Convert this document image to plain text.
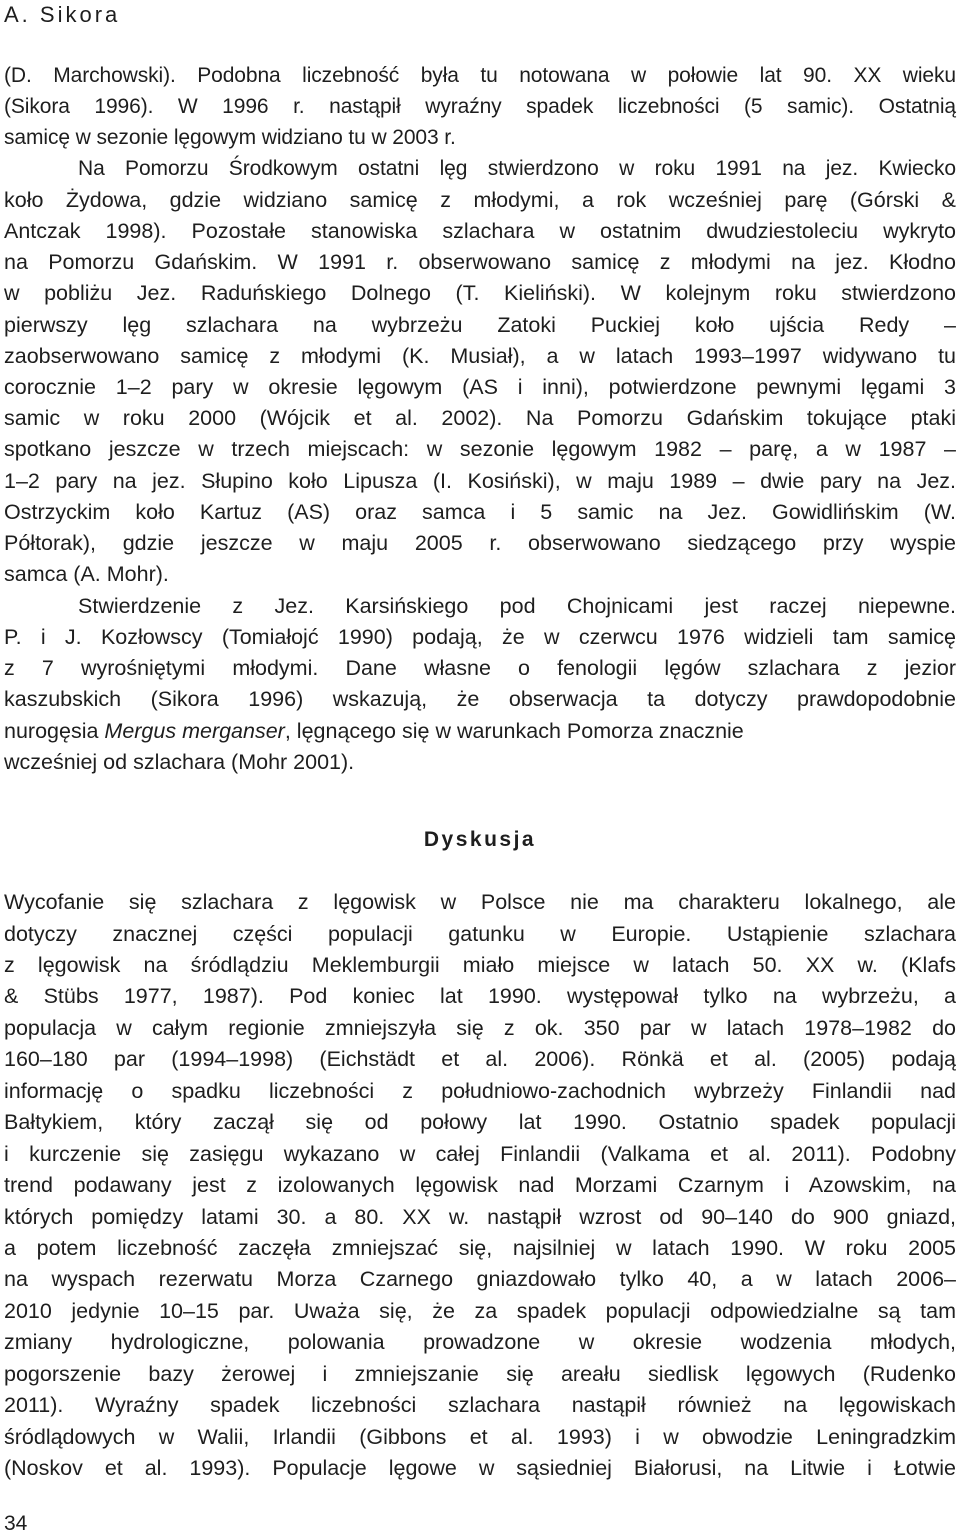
A. Sikora
(D. Marchowski). Podobna liczebność była tu notowana w połowie lat 90. XX wieku
(Sikora 1996). W 1996 r. nastąpił wyraźny spadek liczebności (5 samic). Ostatnią
samicę w sezonie lęgowym widziano tu w 2003 r.
Na Pomorzu Środkowym ostatni lęg stwierdzono w roku 1991 na jez. Kwiecko
koło Żydowa, gdzie widziano samicę z młodymi, a rok wcześniej parę (Górski &
Antczak 1998). Pozostałe stanowiska szlachara w ostatnim dwudziestoleciu wykryto
na Pomorzu Gdańskim. W 1991 r. obserwowano samicę z młodymi na jez. Kłodno
w pobliżu Jez. Raduńskiego Dolnego (T. Kieliński). W kolejnym roku stwierdzono
pierwszy lęg szlachara na wybrzeżu Zatoki Puckiej koło ujścia Redy –
zaobserwowano samicę z młodymi (K. Musiał), a w latach 1993–1997 widywano tu
corocznie 1–2 pary w okresie lęgowym (AS i inni), potwierdzone pewnymi lęgami 3
samic w roku 2000 (Wójcik et al. 2002). Na Pomorzu Gdańskim tokujące ptaki
spotkano jeszcze w trzech miejscach: w sezonie lęgowym 1982 – parę, a w 1987 –
1–2 pary na jez. Słupino koło Lipusza (I. Kosiński), w maju 1989 – dwie pary na Jez.
Ostrzyckim koło Kartuz (AS) oraz samca i 5 samic na Jez. Gowidlińskim (W.
Półtorak), gdzie jeszcze w maju 2005 r. obserwowano siedzącego przy wyspie
samca (A. Mohr).
Stwierdzenie z Jez. Karsińskiego pod Chojnicami jest raczej niepewne.
P. i J. Kozłowscy (Tomiałojć 1990) podają, że w czerwcu 1976 widzieli tam samicę
z 7 wyrośniętymi młodymi. Dane własne o fenologii lęgów szlachara z jezior
kaszubskich (Sikora 1996) wskazują, że obserwacja ta dotyczy prawdopodobnie
nurogęsia Mergus merganser, lęgnącego się w warunkach Pomorza znacznie
wcześniej od szlachara (Mohr 2001).
Dyskusja
Wycofanie się szlachara z lęgowisk w Polsce nie ma charakteru lokalnego, ale
dotyczy znacznej części populacji gatunku w Europie. Ustąpienie szlachara
z lęgowisk na śródlądziu Meklemburgii miało miejsce w latach 50. XX w. (Klafs
& Stübs 1977, 1987). Pod koniec lat 1990. występował tylko na wybrzeżu, a
populacja w całym regionie zmniejszyła się z ok. 350 par w latach 1978–1982 do
160–180 par (1994–1998) (Eichstädt et al. 2006). Rönkä et al. (2005) podają
informację o spadku liczebności z południowo-zachodnich wybrzeży Finlandii nad
Bałtykiem, który zaczął się od połowy lat 1990. Ostatnio spadek populacji
i kurczenie się zasięgu wykazano w całej Finlandii (Valkama et al. 2011). Podobny
trend podawany jest z izolowanych lęgowisk nad Morzami Czarnym i Azowskim, na
których pomiędzy latami 30. a 80. XX w. nastąpił wzrost od 90–140 do 900 gniazd,
a potem liczebność zaczęła zmniejszać się, najsilniej w latach 1990. W roku 2005
na wyspach rezerwatu Morza Czarnego gniazdowało tylko 40, a w latach 2006–
2010 jedynie 10–15 par. Uważa się, że za spadek populacji odpowiedzialne są tam
zmiany hydrologiczne, polowania prowadzone w okresie wodzenia młodych,
pogorszenie bazy żerowej i zmniejszanie się areału siedlisk lęgowych (Rudenko
2011). Wyraźny spadek liczebności szlachara nastąpił również na lęgowiskach
śródlądowych w Walii, Irlandii (Gibbons et al. 1993) i w obwodzie Leningradzkim
(Noskov et al. 1993). Populacje lęgowe w sąsiedniej Białorusi, na Litwie i Łotwie
34
